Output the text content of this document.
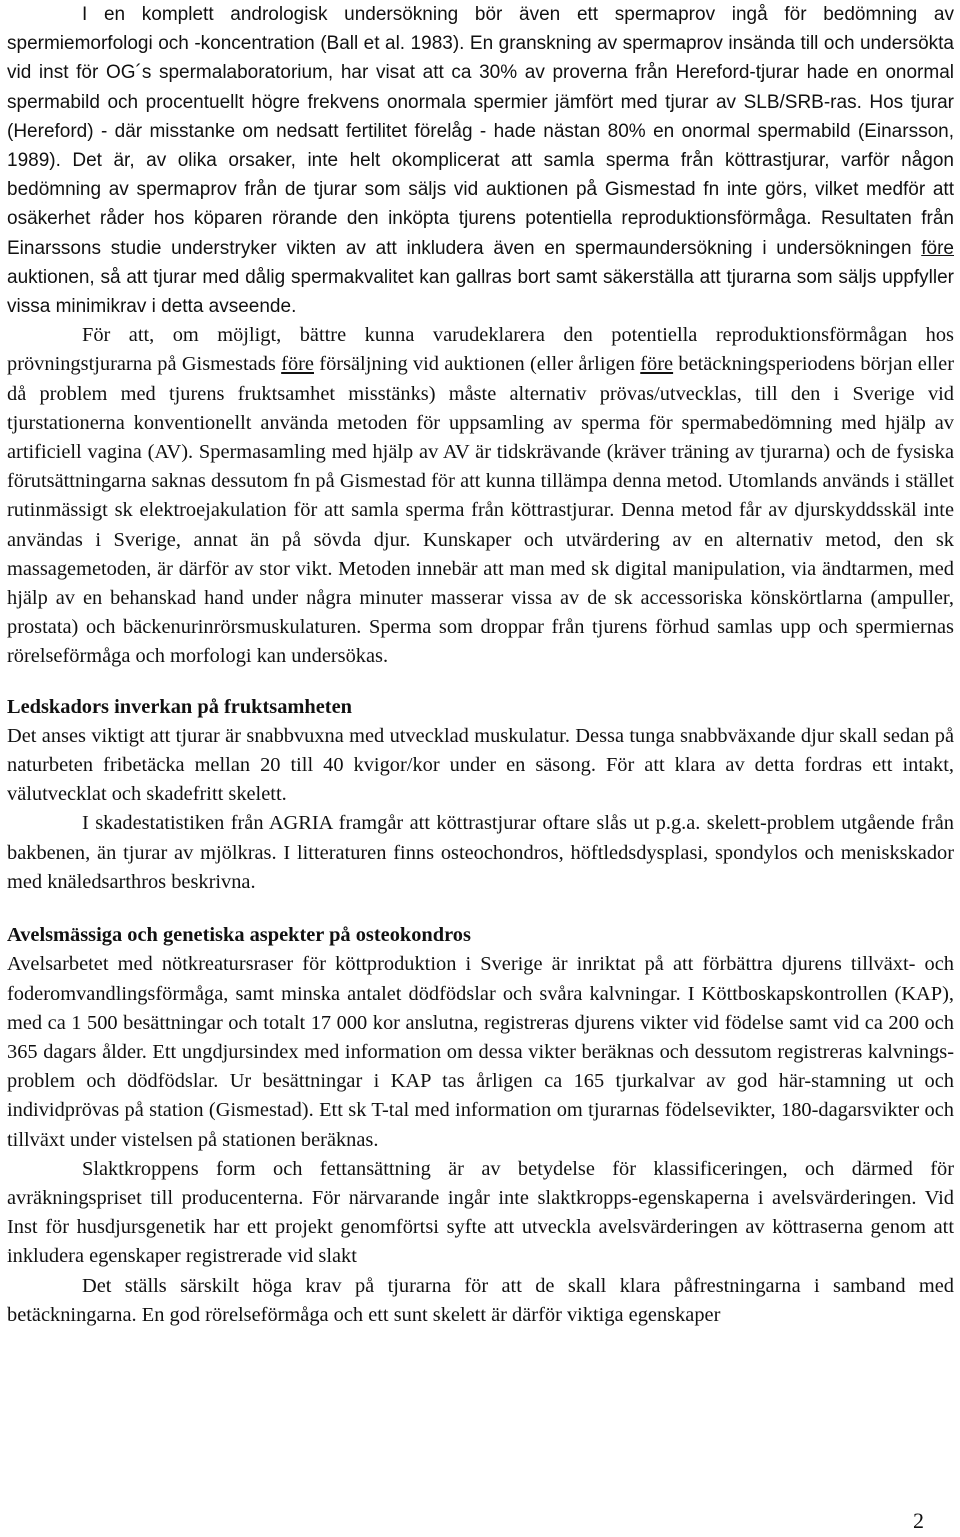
I en komplett andrologisk undersökning bör även ett spermaprov ingå för bedömning av spermiemorfologi och -koncentration (Ball et al. 1983). En granskning av spermaprov insända till och undersökta vid inst för OG´s spermalaboratorium, har visat att ca 30% av proverna från Hereford-tjurar hade en onormal spermabild och procentuellt högre frekvens onormala spermier jämfört med tjurar av SLB/SRB-ras. Hos tjurar (Hereford) - där misstanke om nedsatt fertilitet förelåg - hade nästan 80% en onormal spermabild (Einarsson, 1989). Det är, av olika orsaker, inte helt okomplicerat att samla sperma från köttrastjurar, varför någon bedömning av spermaprov från de tjurar som säljs vid auktionen på Gismestad fn inte görs, vilket medför att osäkerhet råder hos köparen rörande den inköpta tjurens potentiella reproduktionsförmåga. Resultaten från Einarssons studie understryker vikten av att inkludera även en spermaundersökning i undersökningen före auktionen, så att tjurar med dålig spermakvalitet kan gallras bort samt säkerställa att tjurarna som säljs uppfyller vissa minimikrav i detta avseende.

För att, om möjligt, bättre kunna varudeklarera den potentiella reproduktionsförmågan hos prövningstjurarna på Gismestads före försäljning vid auktionen (eller årligen före betäckningsperiodens början eller då problem med tjurens fruktsamhet misstänks) måste alternativ prövas/utvecklas, till den i Sverige vid tjurstationerna konventionellt använda metoden för uppsamling av sperma för spermabedömning med hjälp av artificiell vagina (AV). Spermasamling med hjälp av AV är tidskrävande (kräver träning av tjurarna) och de fysiska förutsättningarna saknas dessutom fn på Gismestad för att kunna tillämpa denna metod. Utomlands används i stället rutinmässigt sk elektroejakulation för att samla sperma från köttrastjurar. Denna metod får av djurskyddsskäl inte användas i Sverige, annat än på sövda djur. Kunskaper och utvärdering av en alternativ metod, den sk massagemetoden, är därför av stor vikt. Metoden innebär att man med sk digital manipulation, via ändtarmen, med hjälp av en behanskad hand under några minuter masserar vissa av de sk accessoriska könskörtlarna (ampuller, prostata) och bäckenurinrörsmuskulaturen. Sperma som droppar från tjurens förhud samlas upp och spermiernas rörelseförmåga och morfologi kan undersökas.

Ledskadors inverkan på fruktsamheten

Det anses viktigt att tjurar är snabbvuxna med utvecklad muskulatur. Dessa tunga snabbväxande djur skall sedan på naturbeten fribetäcka mellan 20 till 40 kvigor/kor under en säsong. För att klara av detta fordras ett intakt, välutvecklat och skadefritt skelett.

I skadestatistiken från AGRIA framgår att köttrastjurar oftare slås ut p.g.a. skelett-problem utgående från bakbenen, än tjurar av mjölkras. I litteraturen finns osteochondros, höftledsdysplasi, spondylos och meniskskador med knäledsarthros beskrivna.

Avelsmässiga och genetiska aspekter på osteokondros

Avelsarbetet med nötkreatursraser för köttproduktion i Sverige är inriktat på att förbättra djurens tillväxt- och foderomvandlingsförmåga, samt minska antalet dödfödslar och svåra kalvningar. I Köttboskapskontrollen (KAP), med ca 1 500 besättningar och totalt 17 000 kor anslutna, registreras djurens vikter vid födelse samt vid ca 200 och 365 dagars ålder. Ett ungdjursindex med information om dessa vikter beräknas och dessutom registreras kalvnings-problem och dödfödslar. Ur besättningar i KAP tas årligen ca 165 tjurkalvar av god här-stamning ut och individprövas på station (Gismestad). Ett sk T-tal med information om tjurarnas födelsevikter, 180-dagarsvikter och tillväxt under vistelsen på stationen beräknas.

Slaktkroppens form och fettansättning är av betydelse för klassificeringen, och därmed för avräkningspriset till producenterna. För närvarande ingår inte slaktkropps-egenskaperna i avelsvärderingen. Vid Inst för husdjursgenetik har ett projekt genomförtsi syfte att utveckla avelsvärderingen av köttraserna genom att inkludera egenskaper registrerade vid slakt

Det ställs särskilt höga krav på tjurarna för att de skall klara påfrestningarna i samband med betäckningarna. En god rörelseförmåga och ett sunt skelett är därför viktiga egenskaper

2
